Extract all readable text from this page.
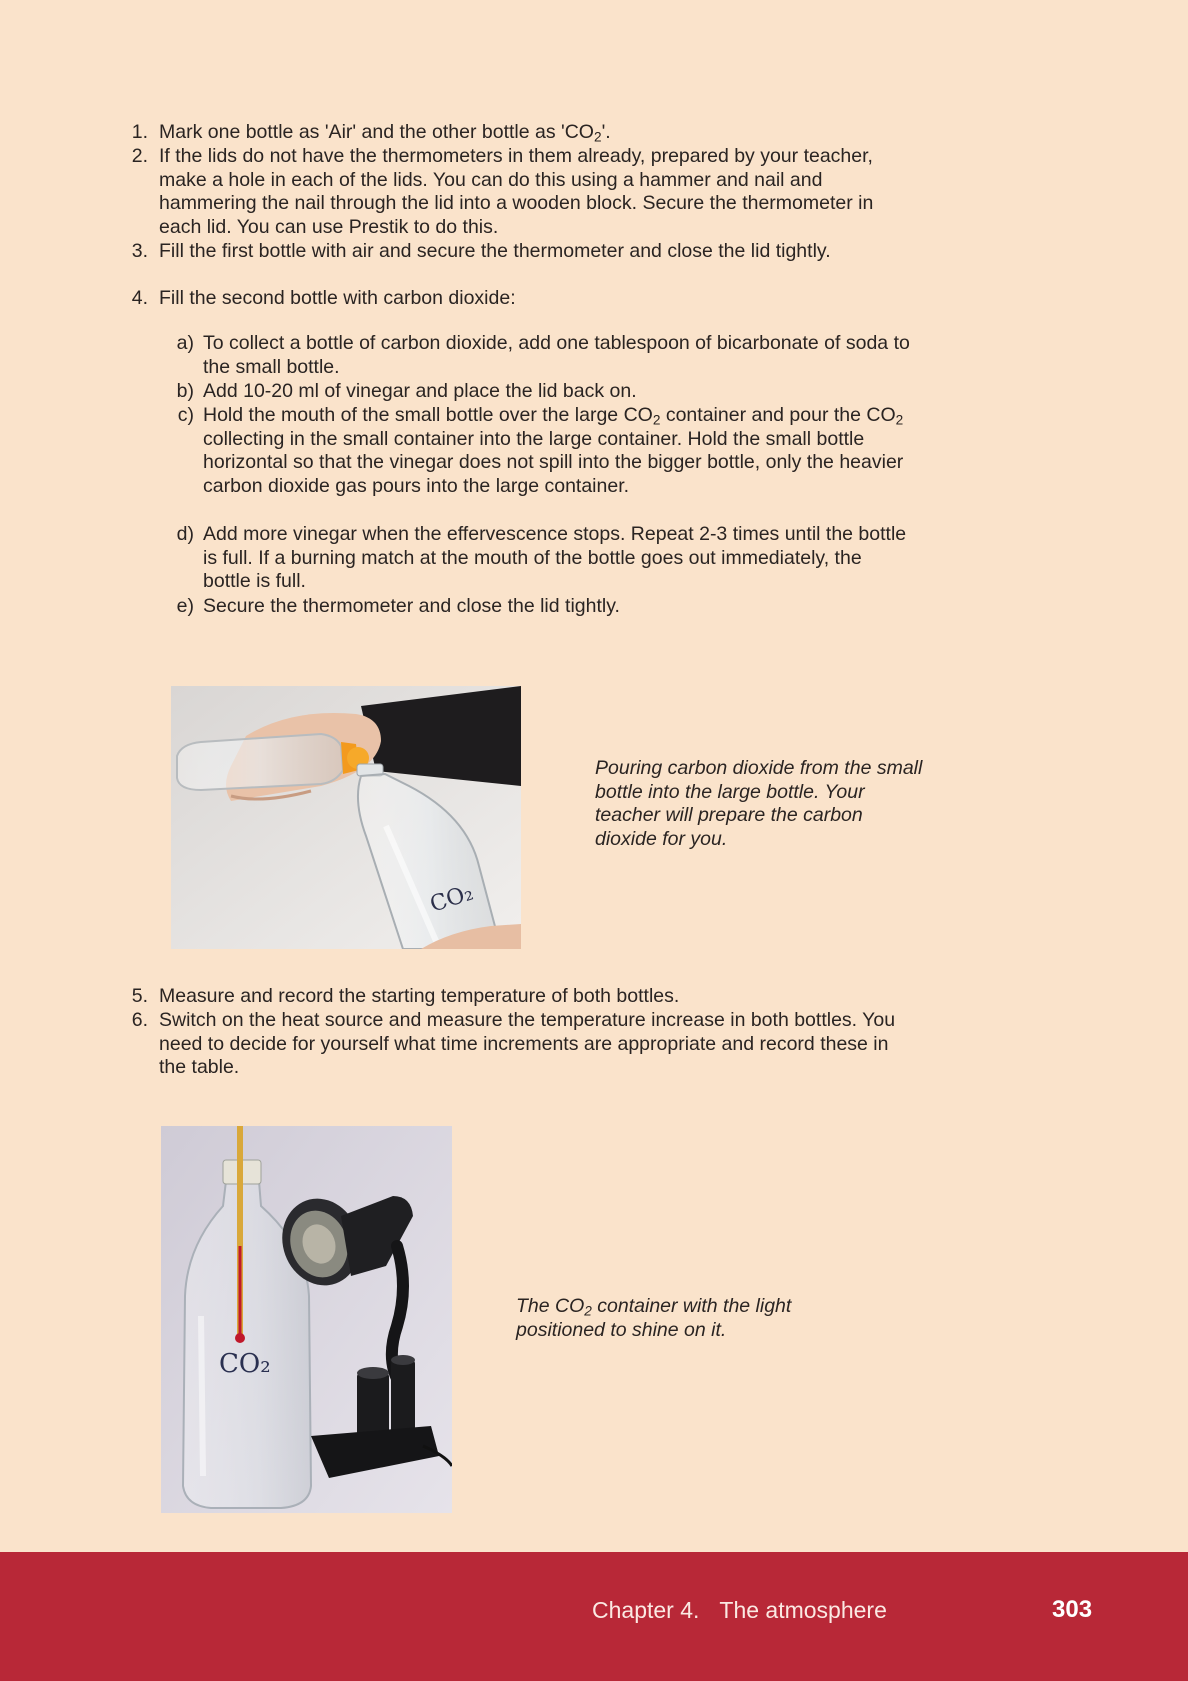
1. Mark one bottle as 'Air' and the other bottle as '$CO_2$'.
2. If the lids do not have the thermometers in them already, prepared by your teacher, make a hole in each of the lids. You can do this using a hammer and nail and hammering the nail through the lid into a wooden block. Secure the thermometer in each lid. You can use Prestik to do this.
3. Fill the first bottle with air and secure the thermometer and close the lid tightly.
4. Fill the second bottle with carbon dioxide:
a) To collect a bottle of carbon dioxide, add one tablespoon of bicarbonate of soda to the small bottle.
b) Add 10-20 ml of vinegar and place the lid back on.
c) Hold the mouth of the small bottle over the large $CO_2$ container and pour the $CO_2$ collecting in the small container into the large container. Hold the small bottle horizontal so that the vinegar does not spill into the bigger bottle, only the heavier carbon dioxide gas pours into the large container.
d) Add more vinegar when the effervescence stops. Repeat 2-3 times until the bottle is full. If a burning match at the mouth of the bottle goes out immediately, the bottle is full.
e) Secure the thermometer and close the lid tightly.
CO₂
Pouring carbon dioxide from the small bottle into the large bottle. Your teacher will prepare the carbon dioxide for you.
5. Measure and record the starting temperature of both bottles.
6. Switch on the heat source and measure the temperature increase in both bottles. You need to decide for yourself what time increments are appropriate and record these in the table.
CO₂
The $CO_2$ container with the light positioned to shine on it.
Chapter 4. The atmosphere	303
